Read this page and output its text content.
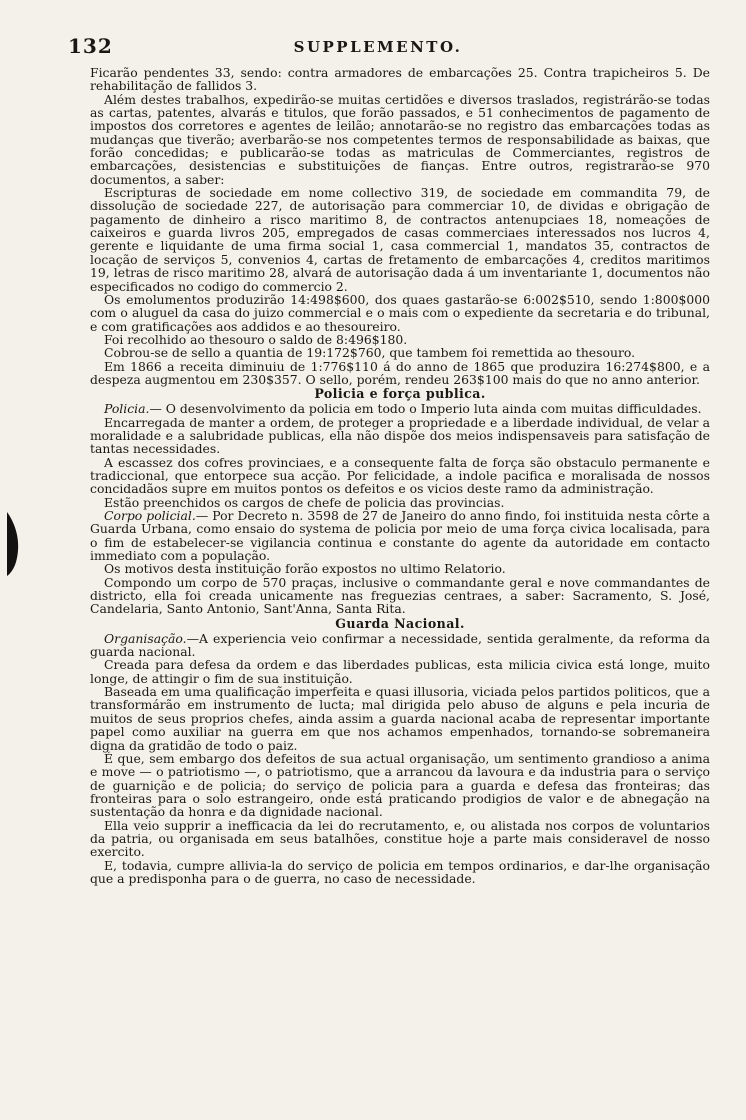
132	SUPPLEMENTO.

Ficarão pendentes 33, sendo: contra armadores de embarcações 25. Contra trapicheiros 5. De rehabilitação de fallidos 3.

Além destes trabalhos, expedirão-se muitas certidões e diversos traslados, registrárão-se todas as cartas, patentes, alvarás e titulos, que forão passados, e 51 conhecimentos de pagamento de impostos dos corretores e agentes de leilão; annotarão-se no registro das embarcações todas as mudanças que tiverão; averbarão-se nos competentes termos de responsabilidade as baixas, que forão concedidas; e publicarão-se todas as matriculas de Commerciantes, registros de embarcações, desistencias e substituições de fianças. Entre outros, registrarão-se 970 documentos, a saber:

Escripturas de sociedade em nome collectivo 319, de sociedade em commandita 79, de dissolução de sociedade 227, de autorisação para commerciar 10, de dividas e obrigação de pagamento de dinheiro a risco maritimo 8, de contractos antenupciaes 18, nomeações de caixeiros e guarda livros 205, empregados de casas commerciaes interessados nos lucros 4, gerente e liquidante de uma firma social 1, casa commercial 1, mandatos 35, contractos de locação de serviços 5, convenios 4, cartas de fretamento de embarcações 4, creditos maritimos 19, letras de risco maritimo 28, alvará de autorisação dada á um inventariante 1, documentos não especificados no codigo do commercio 2.

Os emolumentos produzirão 14:498$600, dos quaes gastarão-se 6:002$510, sendo 1:800$000 com o aluguel da casa do juizo commercial e o mais com o expediente da secretaria e do tribunal, e com gratificações aos addidos e ao thesoureiro.

Foi recolhido ao thesouro o saldo de 8:496$180.

Cobrou-se de sello a quantia de 19:172$760, que tambem foi remettida ao thesouro.

Em 1866 a receita diminuiu de 1:776$110 á do anno de 1865 que produzira 16:274$800, e a despeza augmentou em 230$357. O sello, porém, rendeu 263$100 mais do que no anno anterior.

Policia e força publica.

Policia.— O desenvolvimento da policia em todo o Imperio luta ainda com muitas difficuldades.

Encarregada de manter a ordem, de proteger a propriedade e a liberdade individual, de velar a moralidade e a salubridade publicas, ella não dispõe dos meios indispensaveis para satisfação de tantas necessidades.

A escassez dos cofres provinciaes, e a consequente falta de força são obstaculo permanente e tradiccional, que entorpece sua acção. Por felicidade, a indole pacifica e moralisada de nossos concidadãos supre em muitos pontos os defeitos e os vicios deste ramo da administração.

Estão preenchidos os cargos de chefe de policia das provincias.

Corpo policial.— Por Decreto n. 3598 de 27 de Janeiro do anno findo, foi instituida nesta côrte a Guarda Urbana, como ensaio do systema de policia por meio de uma força civica localisada, para o fim de estabelecer-se vigilancia continua e constante do agente da autoridade em contacto immediato com a população.

Os motivos desta instituição forão expostos no ultimo Relatorio.

Compondo um corpo de 570 praças, inclusive o commandante geral e nove commandantes de districto, ella foi creada unicamente nas freguezias centraes, a saber: Sacramento, S. José, Candelaria, Santo Antonio, Sant'Anna, Santa Rita.

Guarda Nacional.

Organisação.—A experiencia veio confirmar a necessidade, sentida geralmente, da reforma da guarda nacional.

Creada para defesa da ordem e das liberdades publicas, esta milicia civica está longe, muito longe, de attingir o fim de sua instituição.

Baseada em uma qualificação imperfeita e quasi illusoria, viciada pelos partidos politicos, que a transformárão em instrumento de lucta; mal dirigida pelo abuso de alguns e pela incuria de muitos de seus proprios chefes, ainda assim a guarda nacional acaba de representar importante papel como auxiliar na guerra em que nos achamos empenhados, tornando-se sobremaneira digna da gratidão de todo o paiz.

É que, sem embargo dos defeitos de sua actual organisação, um sentimento grandioso a anima e move — o patriotismo —, o patriotismo, que a arrancou da lavoura e da industria para o serviço de guarnição e de policia; do serviço de policia para a guarda e defesa das fronteiras; das fronteiras para o solo estrangeiro, onde está praticando prodigios de valor e de abnegação na sustentação da honra e da dignidade nacional.

Ella veio supprir a inefficacia da lei do recrutamento, e, ou alistada nos corpos de voluntarios da patria, ou organisada em seus batalhões, constitue hoje a parte mais consideravel de nosso exercito.

E, todavia, cumpre allivia-la do serviço de policia em tempos ordinarios, e dar-lhe organisação que a predisponha para o de guerra, no caso de necessidade.
